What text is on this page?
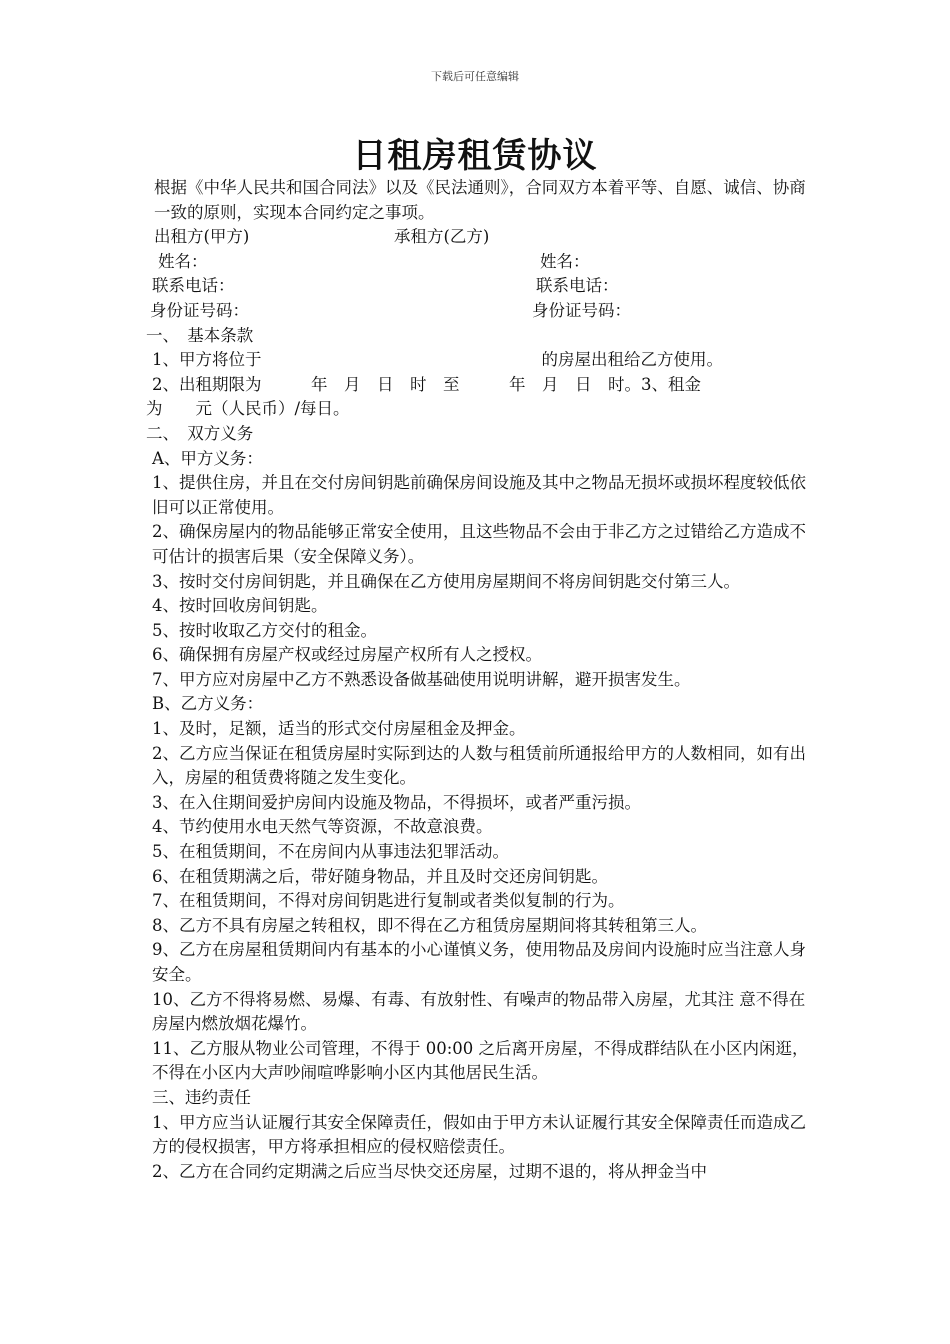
下载后可任意编辑
日租房租赁协议
根据《中华人民共和国合同法》以及《民法通则》，合同双方本着平等、自愿、诚信、协商一致的原则，实现本合同约定之事项。
出租方(甲方)	承租方(乙方)
姓名：	姓名：
联系电话：	联系电话：
身份证号码：	身份证号码：
一、　基本条款
1、甲方将位于	的房屋出租给乙方使用。
2、出租期限为　　　年　月　日　时　至　　　年　月　日　时。3、租金
为　　元（人民币）/每日。
二、　双方义务
A、甲方义务：
1、提供住房，并且在交付房间钥匙前确保房间设施及其中之物品无损坏或损坏程度较低依旧可以正常使用。
2、确保房屋内的物品能够正常安全使用，且这些物品不会由于非乙方之过错给乙方造成不可估计的损害后果（安全保障义务）。
3、按时交付房间钥匙，并且确保在乙方使用房屋期间不将房间钥匙交付第三人。
4、按时回收房间钥匙。
5、按时收取乙方交付的租金。
6、确保拥有房屋产权或经过房屋产权所有人之授权。
7、甲方应对房屋中乙方不熟悉设备做基础使用说明讲解，避开损害发生。
B、乙方义务：
1、及时，足额，适当的形式交付房屋租金及押金。
2、乙方应当保证在租赁房屋时实际到达的人数与租赁前所通报给甲方的人数相同，如有出入，房屋的租赁费将随之发生变化。
3、在入住期间爱护房间内设施及物品，不得损坏，或者严重污损。
4、节约使用水电天然气等资源，不故意浪费。
5、在租赁期间，不在房间内从事违法犯罪活动。
6、在租赁期满之后，带好随身物品，并且及时交还房间钥匙。
7、在租赁期间，不得对房间钥匙进行复制或者类似复制的行为。
8、乙方不具有房屋之转租权，即不得在乙方租赁房屋期间将其转租第三人。
9、乙方在房屋租赁期间内有基本的小心谨慎义务，使用物品及房间内设施时应当注意人身安全。
10、乙方不得将易燃、易爆、有毒、有放射性、有噪声的物品带入房屋，尤其注 意不得在房屋内燃放烟花爆竹。
11、乙方服从物业公司管理，不得于 00:00 之后离开房屋，不得成群结队在小区内闲逛，不得在小区内大声吵闹喧哗影响小区内其他居民生活。
三、违约责任
1、甲方应当认证履行其安全保障责任，假如由于甲方未认证履行其安全保障责任而造成乙方的侵权损害，甲方将承担相应的侵权赔偿责任。
2、乙方在合同约定期满之后应当尽快交还房屋，过期不退的，将从押金当中
